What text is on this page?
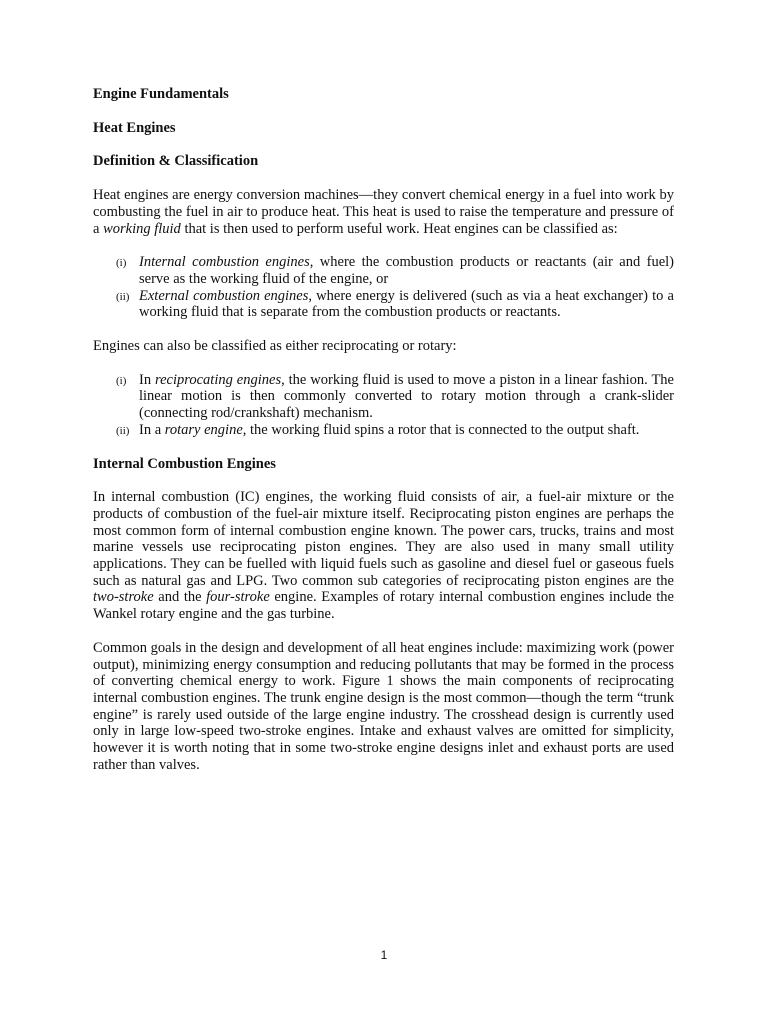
Engine Fundamentals

Heat Engines

Definition & Classification

Heat engines are energy conversion machines—they convert chemical energy in a fuel into work by combusting the fuel in air to produce heat. This heat is used to raise the temperature and pressure of a working fluid that is then used to perform useful work. Heat engines can be classified as:

(i) Internal combustion engines, where the combustion products or reactants (air and fuel) serve as the working fluid of the engine, or
(ii) External combustion engines, where energy is delivered (such as via a heat exchanger) to a working fluid that is separate from the combustion products or reactants.

Engines can also be classified as either reciprocating or rotary:

(i) In reciprocating engines, the working fluid is used to move a piston in a linear fashion. The linear motion is then commonly converted to rotary motion through a crank-slider (connecting rod/crankshaft) mechanism.
(ii) In a rotary engine, the working fluid spins a rotor that is connected to the output shaft.

Internal Combustion Engines

In internal combustion (IC) engines, the working fluid consists of air, a fuel-air mixture or the products of combustion of the fuel-air mixture itself. Reciprocating piston engines are perhaps the most common form of internal combustion engine known. The power cars, trucks, trains and most marine vessels use reciprocating piston engines. They are also used in many small utility applications. They can be fuelled with liquid fuels such as gasoline and diesel fuel or gaseous fuels such as natural gas and LPG. Two common sub categories of reciprocating piston engines are the two-stroke and the four-stroke engine. Examples of rotary internal combustion engines include the Wankel rotary engine and the gas turbine.

Common goals in the design and development of all heat engines include: maximizing work (power output), minimizing energy consumption and reducing pollutants that may be formed in the process of converting chemical energy to work. Figure 1 shows the main components of reciprocating internal combustion engines. The trunk engine design is the most common—though the term “trunk engine” is rarely used outside of the large engine industry. The crosshead design is currently used only in large low-speed two-stroke engines. Intake and exhaust valves are omitted for simplicity, however it is worth noting that in some two-stroke engine designs inlet and exhaust ports are used rather than valves.

1
